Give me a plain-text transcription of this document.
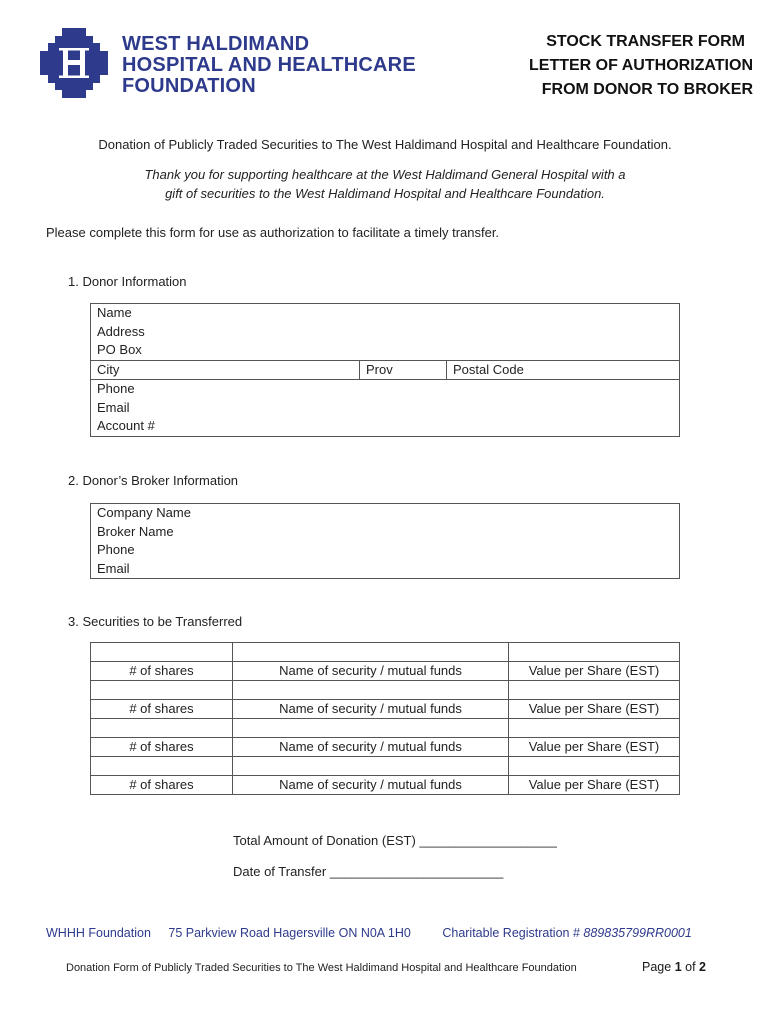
WEST HALDIMAND
HOSPITAL AND HEALTHCARE
FOUNDATION
STOCK TRANSFER FORM
LETTER OF AUTHORIZATION
FROM DONOR TO BROKER
Donation of Publicly Traded Securities to The West Haldimand Hospital and Healthcare Foundation.
Thank you for supporting healthcare at the West Haldimand General Hospital with a
gift of securities to the West Haldimand Hospital and Healthcare Foundation.
Please complete this form for use as authorization to facilitate a timely transfer.
1. Donor Information
Name
Address
PO Box
City	Prov	Postal Code
Phone
Email
Account #
2. Donor’s Broker Information
Company Name
Broker Name
Phone
Email
3. Securities to be Transferred

# of shares	Name of security / mutual funds	Value per Share (EST)

# of shares	Name of security / mutual funds	Value per Share (EST)

# of shares	Name of security / mutual funds	Value per Share (EST)

# of shares	Name of security / mutual funds	Value per Share (EST)
Total Amount of Donation (EST) ___________________
Date of Transfer ________________________
WHHH Foundation 75 Parkview Road Hagersville ON N0A 1H0	Charitable Registration # 889835799RR0001
Donation Form of Publicly Traded Securities to The West Haldimand Hospital and Healthcare Foundation	Page 1 of 2
